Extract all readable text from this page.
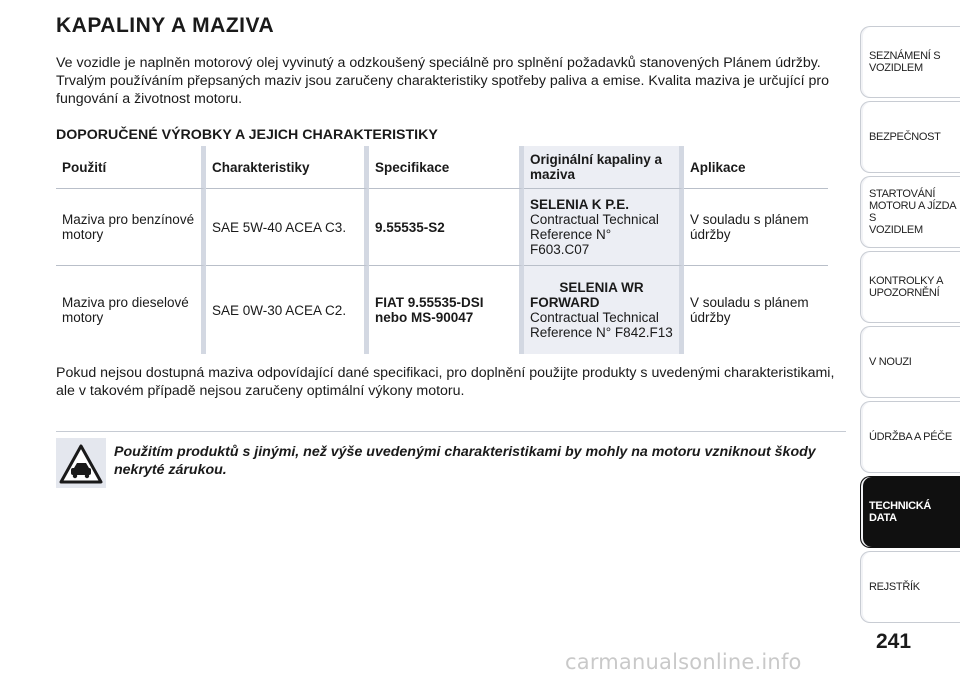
KAPALINY A MAZIVA

Ve vozidle je naplněn motorový olej vyvinutý a odzkoušený speciálně pro splnění požadavků stanovených Plánem údržby. Trvalým používáním přepsaných maziv jsou zaručeny charakteristiky spotřeby paliva a emise. Kvalita maziva je určující pro fungování a životnost motoru.

DOPORUČENÉ VÝROBKY A JEJICH CHARAKTERISTIKY
Použití	Charakteristiky	Specifikace	Originální kapaliny a maziva	Aplikace
Maziva pro benzínové motory	SAE 5W-40 ACEA C3.	9.55535-S2	SELENIA K P.E.
Contractual Technical Reference N° F603.C07	V souladu s plánem údržby
Maziva pro dieselové motory	SAE 0W-30 ACEA C2.	FIAT 9.55535-DSI nebo MS-90047	SELENIA WR
FORWARD
Contractual Technical Reference N° F842.F13	V souladu s plánem údržby

Pokud nejsou dostupná maziva odpovídající dané specifikaci, pro doplnění použijte produkty s uvedenými charakteristikami, ale v takovém případě nejsou zaručeny optimální výkony motoru.

Použitím produktů s jinými, než výše uvedenými charakteristikami by mohly na motoru vzniknout škody nekryté zárukou.

SEZNÁMENÍ S
VOZIDLEM
BEZPEČNOST
STARTOVÁNÍ
MOTORU A JÍZDA S
VOZIDLEM
KONTROLKY A
UPOZORNĚNÍ
V NOUZI
ÚDRŽBA A PÉČE
TECHNICKÁ DATA
REJSTŘÍK
241
carmanualsonline.info
